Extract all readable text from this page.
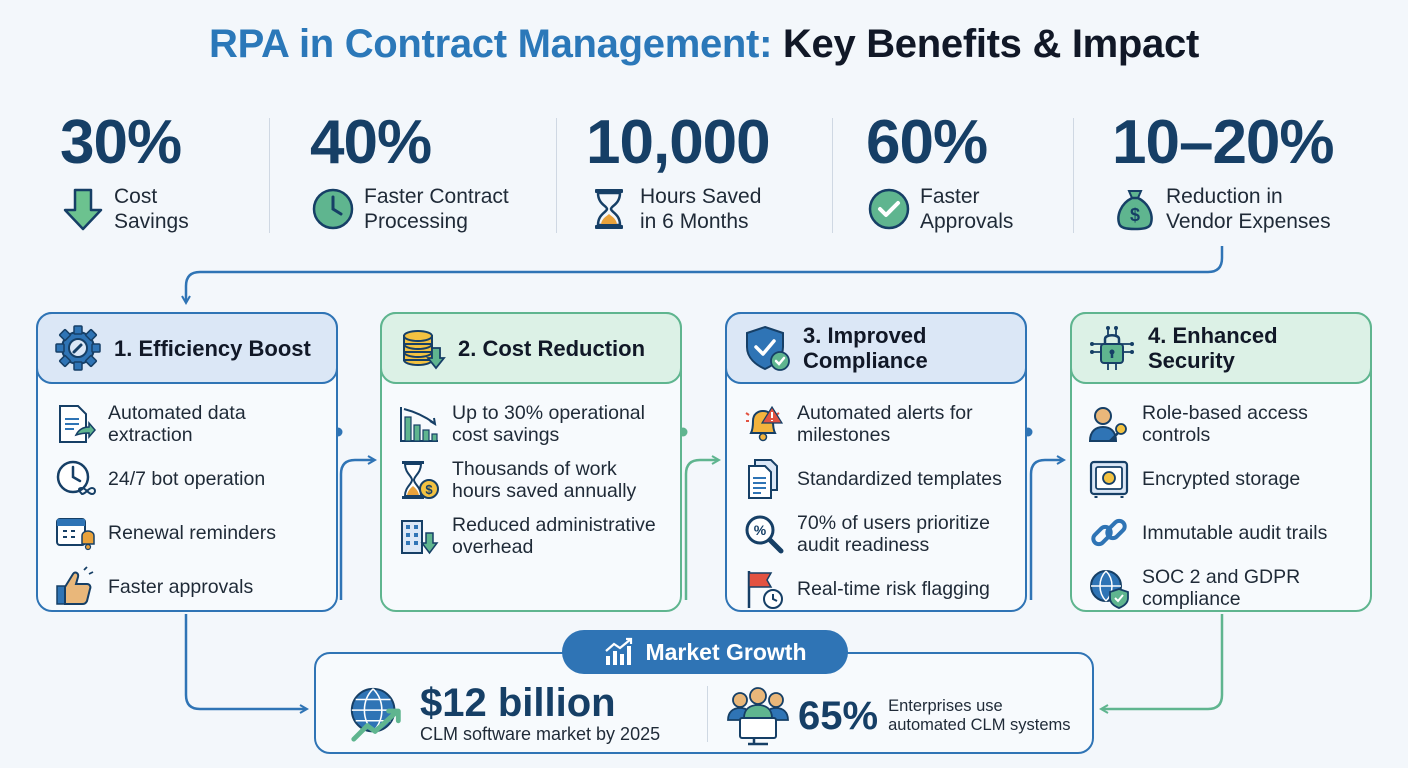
RPA in Contract Management: Key Benefits & Impact
30%
Cost
Savings
40%
Faster Contract
Processing
10,000
Hours Saved
in 6 Months
60%
Faster
Approvals
10–20%
$
Reduction in
Vendor Expenses
1. Efficiency Boost
Automated data
extraction
24/7 bot operation
Renewal reminders
Faster approvals
2. Cost Reduction
Up to 30% operational
cost savings
$
Thousands of work
hours saved annually
Reduced administrative
overhead
3. Improved
Compliance
Automated alerts for
milestones
Standardized templates
% 70% of users prioritize
audit readiness
Real-time risk flagging
4. Enhanced
Security
Role-based access
controls
Encrypted storage
Immutable audit trails
SOC 2 and GDPR
compliance
Market Growth
$12 billion
CLM software market by 2025	65% Enterprises use
automated CLM systems
